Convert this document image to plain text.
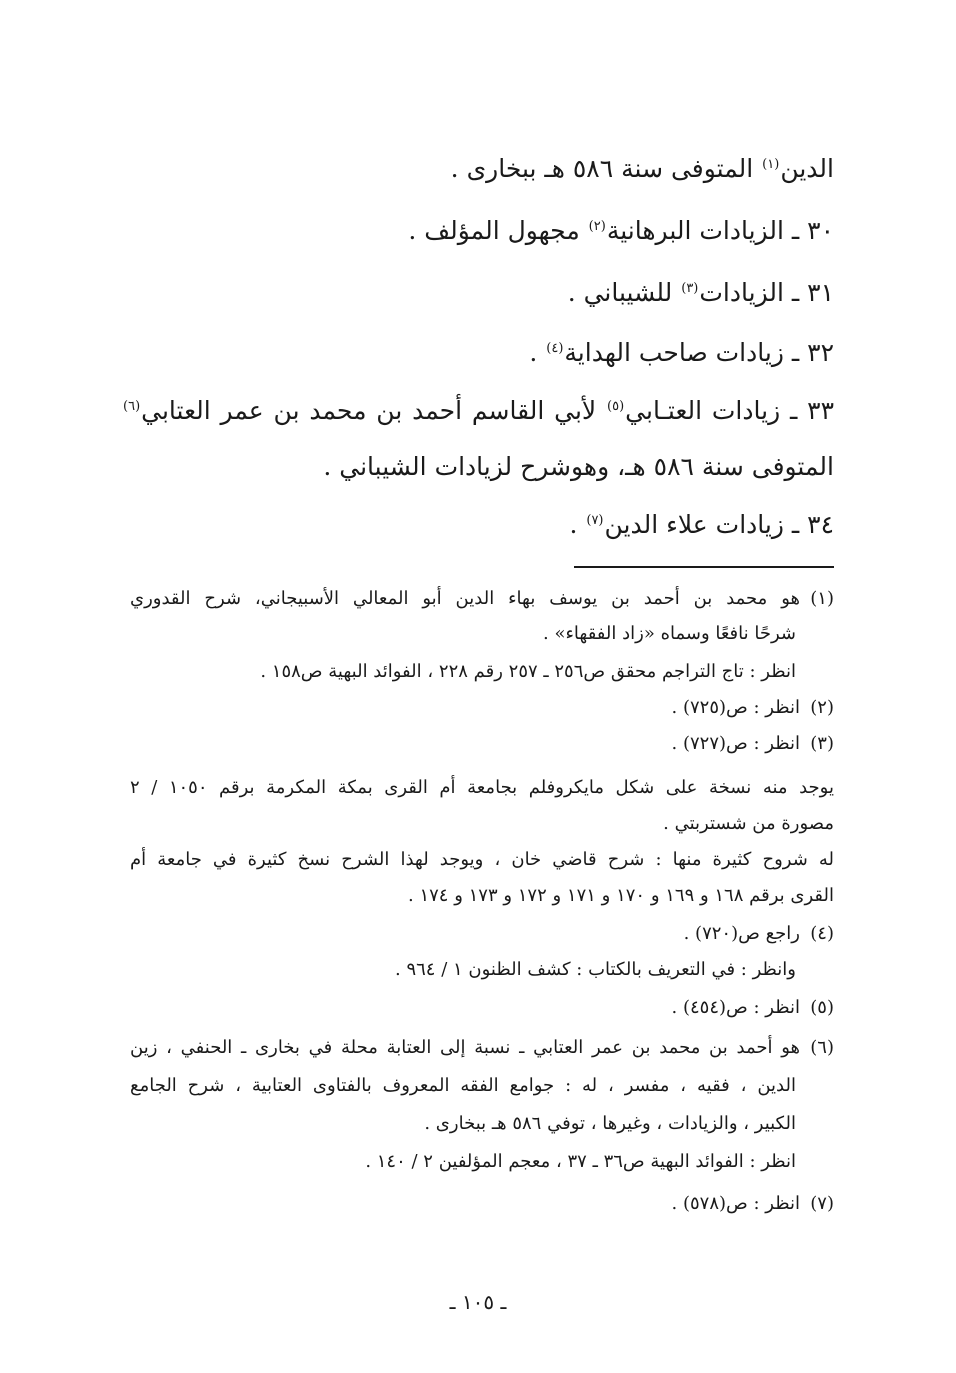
الدين$^{(١)}$ المتوفى سنة ٥٨٦ هـ ببخارى .
٣٠ ـ الزيادات البرهانية$^{(٢)}$ مجهول المؤلف .
٣١ ـ الزيادات$^{(٣)}$ للشيباني .
٣٢ ـ زيادات صاحب الهداية$^{(٤)}$ .
٣٣ ـ زيادات العتـابي$^{(٥)}$ لأبي القاسم أحمد بن محمد بن عمر العتابي$^{(٦)}$
المتوفى سنة ٥٨٦ هـ، وهوشرح لزيادات الشيباني .
٣٤ ـ زيادات علاء الدين$^{(٧)}$ .
(١)هو محمد بن أحمد بن يوسف بهاء الدين أبو المعالي الأسبيجاني، شرح القدوري
شرحًا نافعًا وسماه «زاد الفقهاء» .
انظر : تاج التراجم محقق ص٢٥٦ ـ ٢٥٧ رقم ٢٢٨ ، الفوائد البهية ص١٥٨ .
(٢)انظر : ص(٧٢٥) .
(٣)انظر : ص(٧٢٧) .
يوجد منه نسخة على شكل مايكروفلم بجامعة أم القرى بمكة المكرمة برقم ١٠٥٠ / ٢
مصورة من شستربتي .
له شروح كثيرة منها : شرح قاضي خان ، ويوجد لهذا الشرح نسخ كثيرة في جامعة أم
القرى برقم ١٦٨ و ١٦٩ و ١٧٠ و ١٧١ و ١٧٢ و ١٧٣ و ١٧٤ .
(٤)راجع ص(٧٢٠) .
وانظر : في التعريف بالكتاب : كشف الظنون ١ / ٩٦٤ .
(٥)انظر : ص(٤٥٤) .
(٦)هو أحمد بن محمد بن عمر العتابي ـ نسبة إلى العتابة محلة في بخارى ـ الحنفي ، زين
الدين ، فقيه ، مفسر ، له : جوامع الفقه المعروف بالفتاوى العتابية ، شرح الجامع
الكبير ، والزيادات ، وغيرها ، توفي ٥٨٦ هـ ببخارى .
انظر : الفوائد البهية ص٣٦ ـ ٣٧ ، معجم المؤلفين ٢ / ١٤٠ .
(٧)انظر : ص(٥٧٨) .
ـ ١٠٥ ـ
